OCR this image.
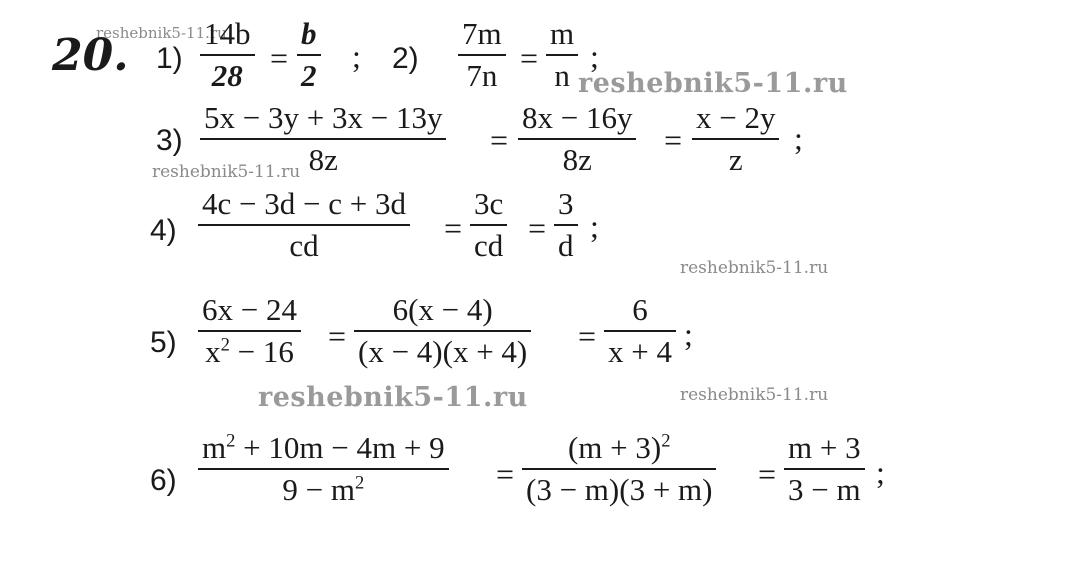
reshebnik5-11.ru
reshebnik5-11.ru
reshebnik5-11.ru
reshebnik5-11.ru
reshebnik5-11.ru	reshebnik5-11.ru
20. 1)
14b
28 =
b
2
; 2)
7m
7n =
m
n
;
3)
5x − 3y + 3x − 13y
8z
=
8x − 16y
8z
=
x − 2y
z
;
4)
4c − 3d − c + 3d
cd	=
3c
cd =
3
d
;
5)
6x − 24
$x^2 - 16$ =
6(x − 4)
(x − 4)(x + 4) =
6
x + 4 ;
6)
$m^2 + 10m - 4m + 9$
$9 - m^2$	=
$(m + 3)^2$
(3 − m)(3 + m) =
m + 3
3 − m ;
